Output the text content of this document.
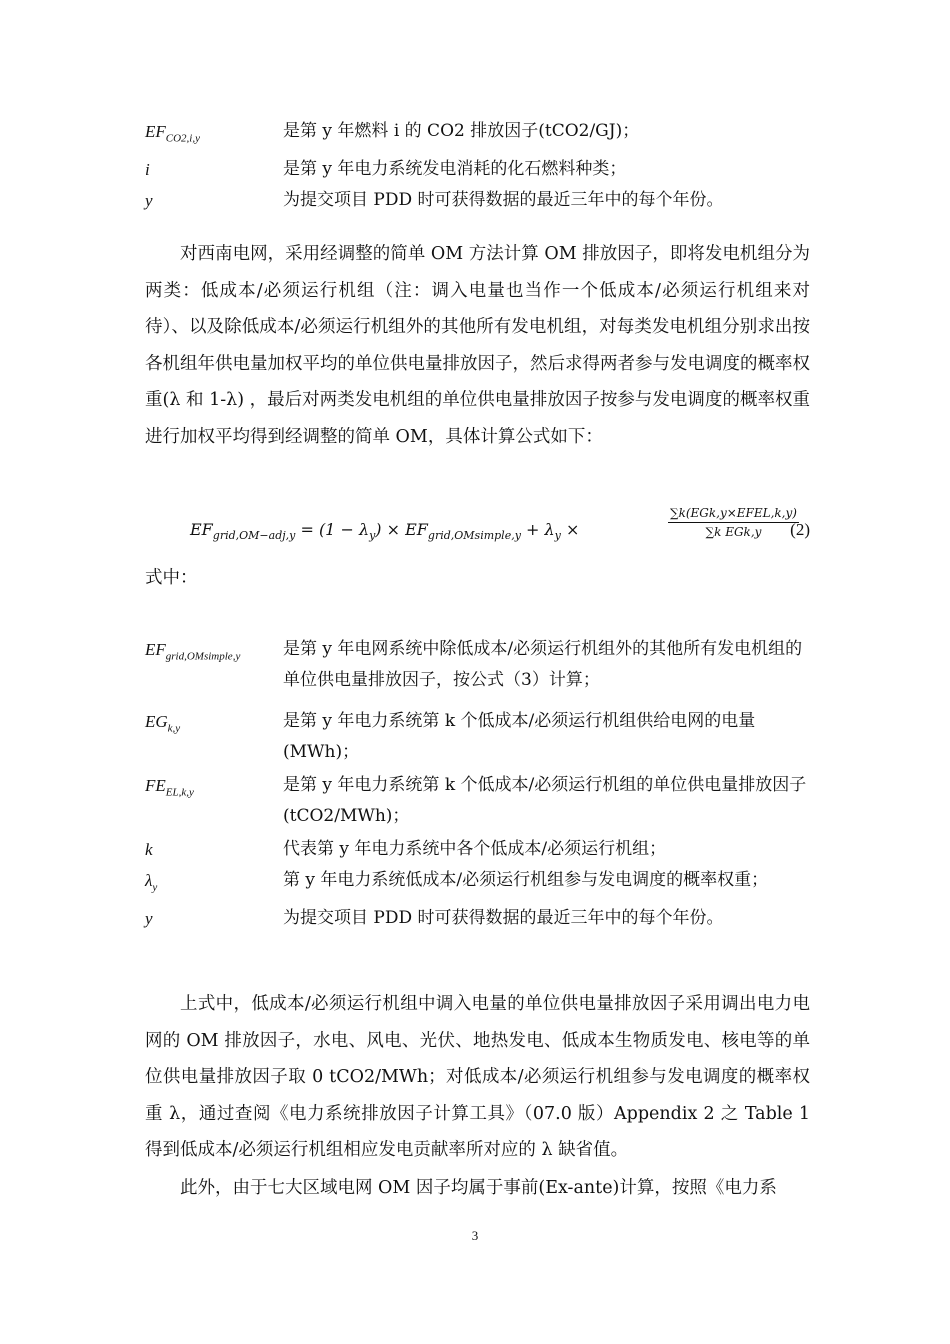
$EF_{CO2,i,y}$	是第 y 年燃料 i 的 CO2 排放因子(tCO2/GJ)；
i	是第 y 年电力系统发电消耗的化石燃料种类；
y	为提交项目 PDD 时可获得数据的最近三年中的每个年份。

对西南电网，采用经调整的简单 OM 方法计算 OM 排放因子，即将发电机组分为两类：低成本/必须运行机组（注：调入电量也当作一个低成本/必须运行机组来对待）、以及除低成本/必须运行机组外的其他所有发电机组，对每类发电机组分别求出按各机组年供电量加权平均的单位供电量排放因子，然后求得两者参与发电调度的概率权重(λ 和 1-λ) ，最后对两类发电机组的单位供电量排放因子按参与发电调度的概率权重进行加权平均得到经调整的简单 OM，具体计算公式如下：

$EF_{grid,OM-adj,y} = (1 - \lambda_y) \times EF_{grid,OMsimple,y} + \lambda_y$ ×
∑k(EGk,y×EFEL,k,y)
∑k EGk,y	(2)
式中：
$EF_{grid,OMsimple,y}$	是第 y 年电网系统中除低成本/必须运行机组外的其他所有发电机组的单位供电量排放因子，按公式（3）计算；
$EG_{k,y}$	是第 y 年电力系统第 k 个低成本/必须运行机组供给电网的电量(MWh)；
$FE_{EL,k,y}$	是第 y 年电力系统第 k 个低成本/必须运行机组的单位供电量排放因子(tCO2/MWh)；
k	代表第 y 年电力系统中各个低成本/必须运行机组；
$\lambda_y$	第 y 年电力系统低成本/必须运行机组参与发电调度的概率权重；
y	为提交项目 PDD 时可获得数据的最近三年中的每个年份。

上式中，低成本/必须运行机组中调入电量的单位供电量排放因子采用调出电力电网的 OM 排放因子，水电、风电、光伏、地热发电、低成本生物质发电、核电等的单位供电量排放因子取 0 tCO2/MWh；对低成本/必须运行机组参与发电调度的概率权重 λ，通过查阅《电力系统排放因子计算工具》（07.0 版）Appendix 2 之 Table 1 得到低成本/必须运行机组相应发电贡献率所对应的 λ 缺省值。

此外，由于七大区域电网 OM 因子均属于事前(Ex-ante)计算，按照《电力系

3
